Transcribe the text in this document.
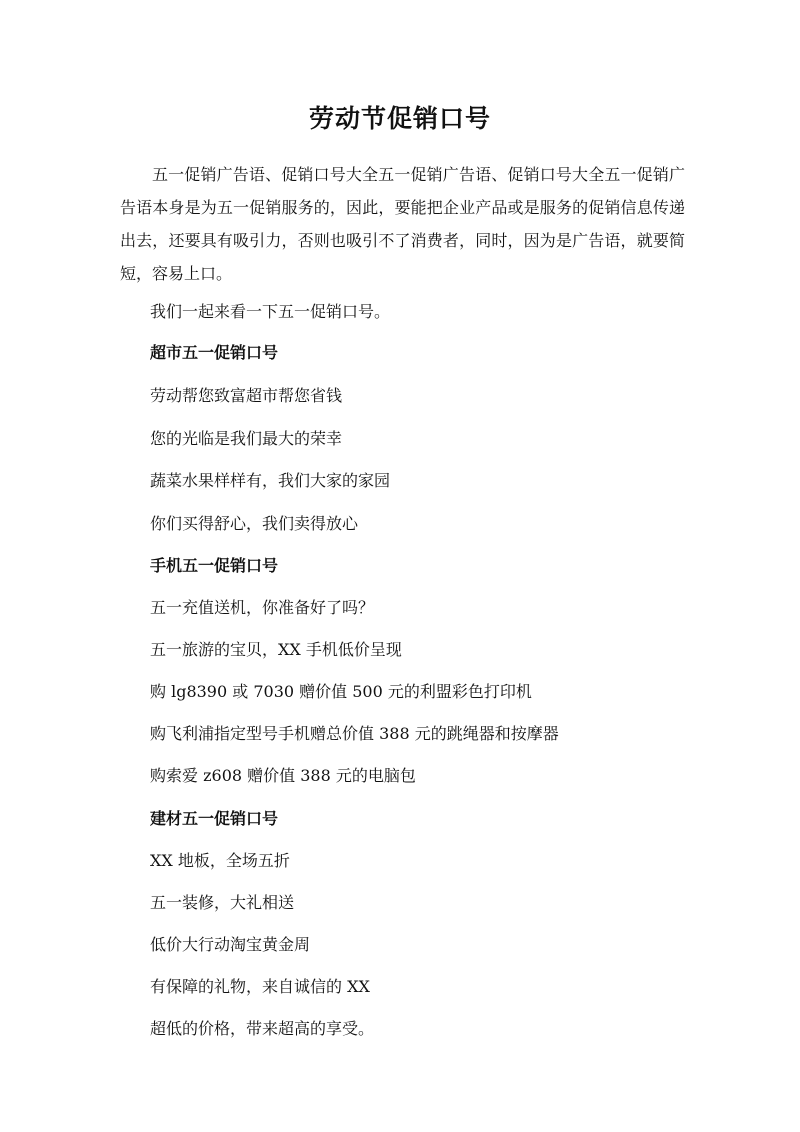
劳动节促销口号

五一促销广告语、促销口号大全五一促销广告语、促销口号大全五一促销广告语本身是为五一促销服务的，因此，要能把企业产品或是服务的促销信息传递出去，还要具有吸引力，否则也吸引不了消费者，同时，因为是广告语，就要简短，容易上口。

我们一起来看一下五一促销口号。

超市五一促销口号

劳动帮您致富超市帮您省钱

您的光临是我们最大的荣幸

蔬菜水果样样有，我们大家的家园

你们买得舒心，我们卖得放心

手机五一促销口号

五一充值送机，你准备好了吗？

五一旅游的宝贝，XX 手机低价呈现

购 lg8390 或 7030 赠价值 500 元的利盟彩色打印机

购飞利浦指定型号手机赠总价值 388 元的跳绳器和按摩器

购索爱 z608 赠价值 388 元的电脑包

建材五一促销口号

XX 地板，全场五折

五一装修，大礼相送

低价大行动淘宝黄金周

有保障的礼物，来自诚信的 XX

超低的价格，带来超高的享受。
